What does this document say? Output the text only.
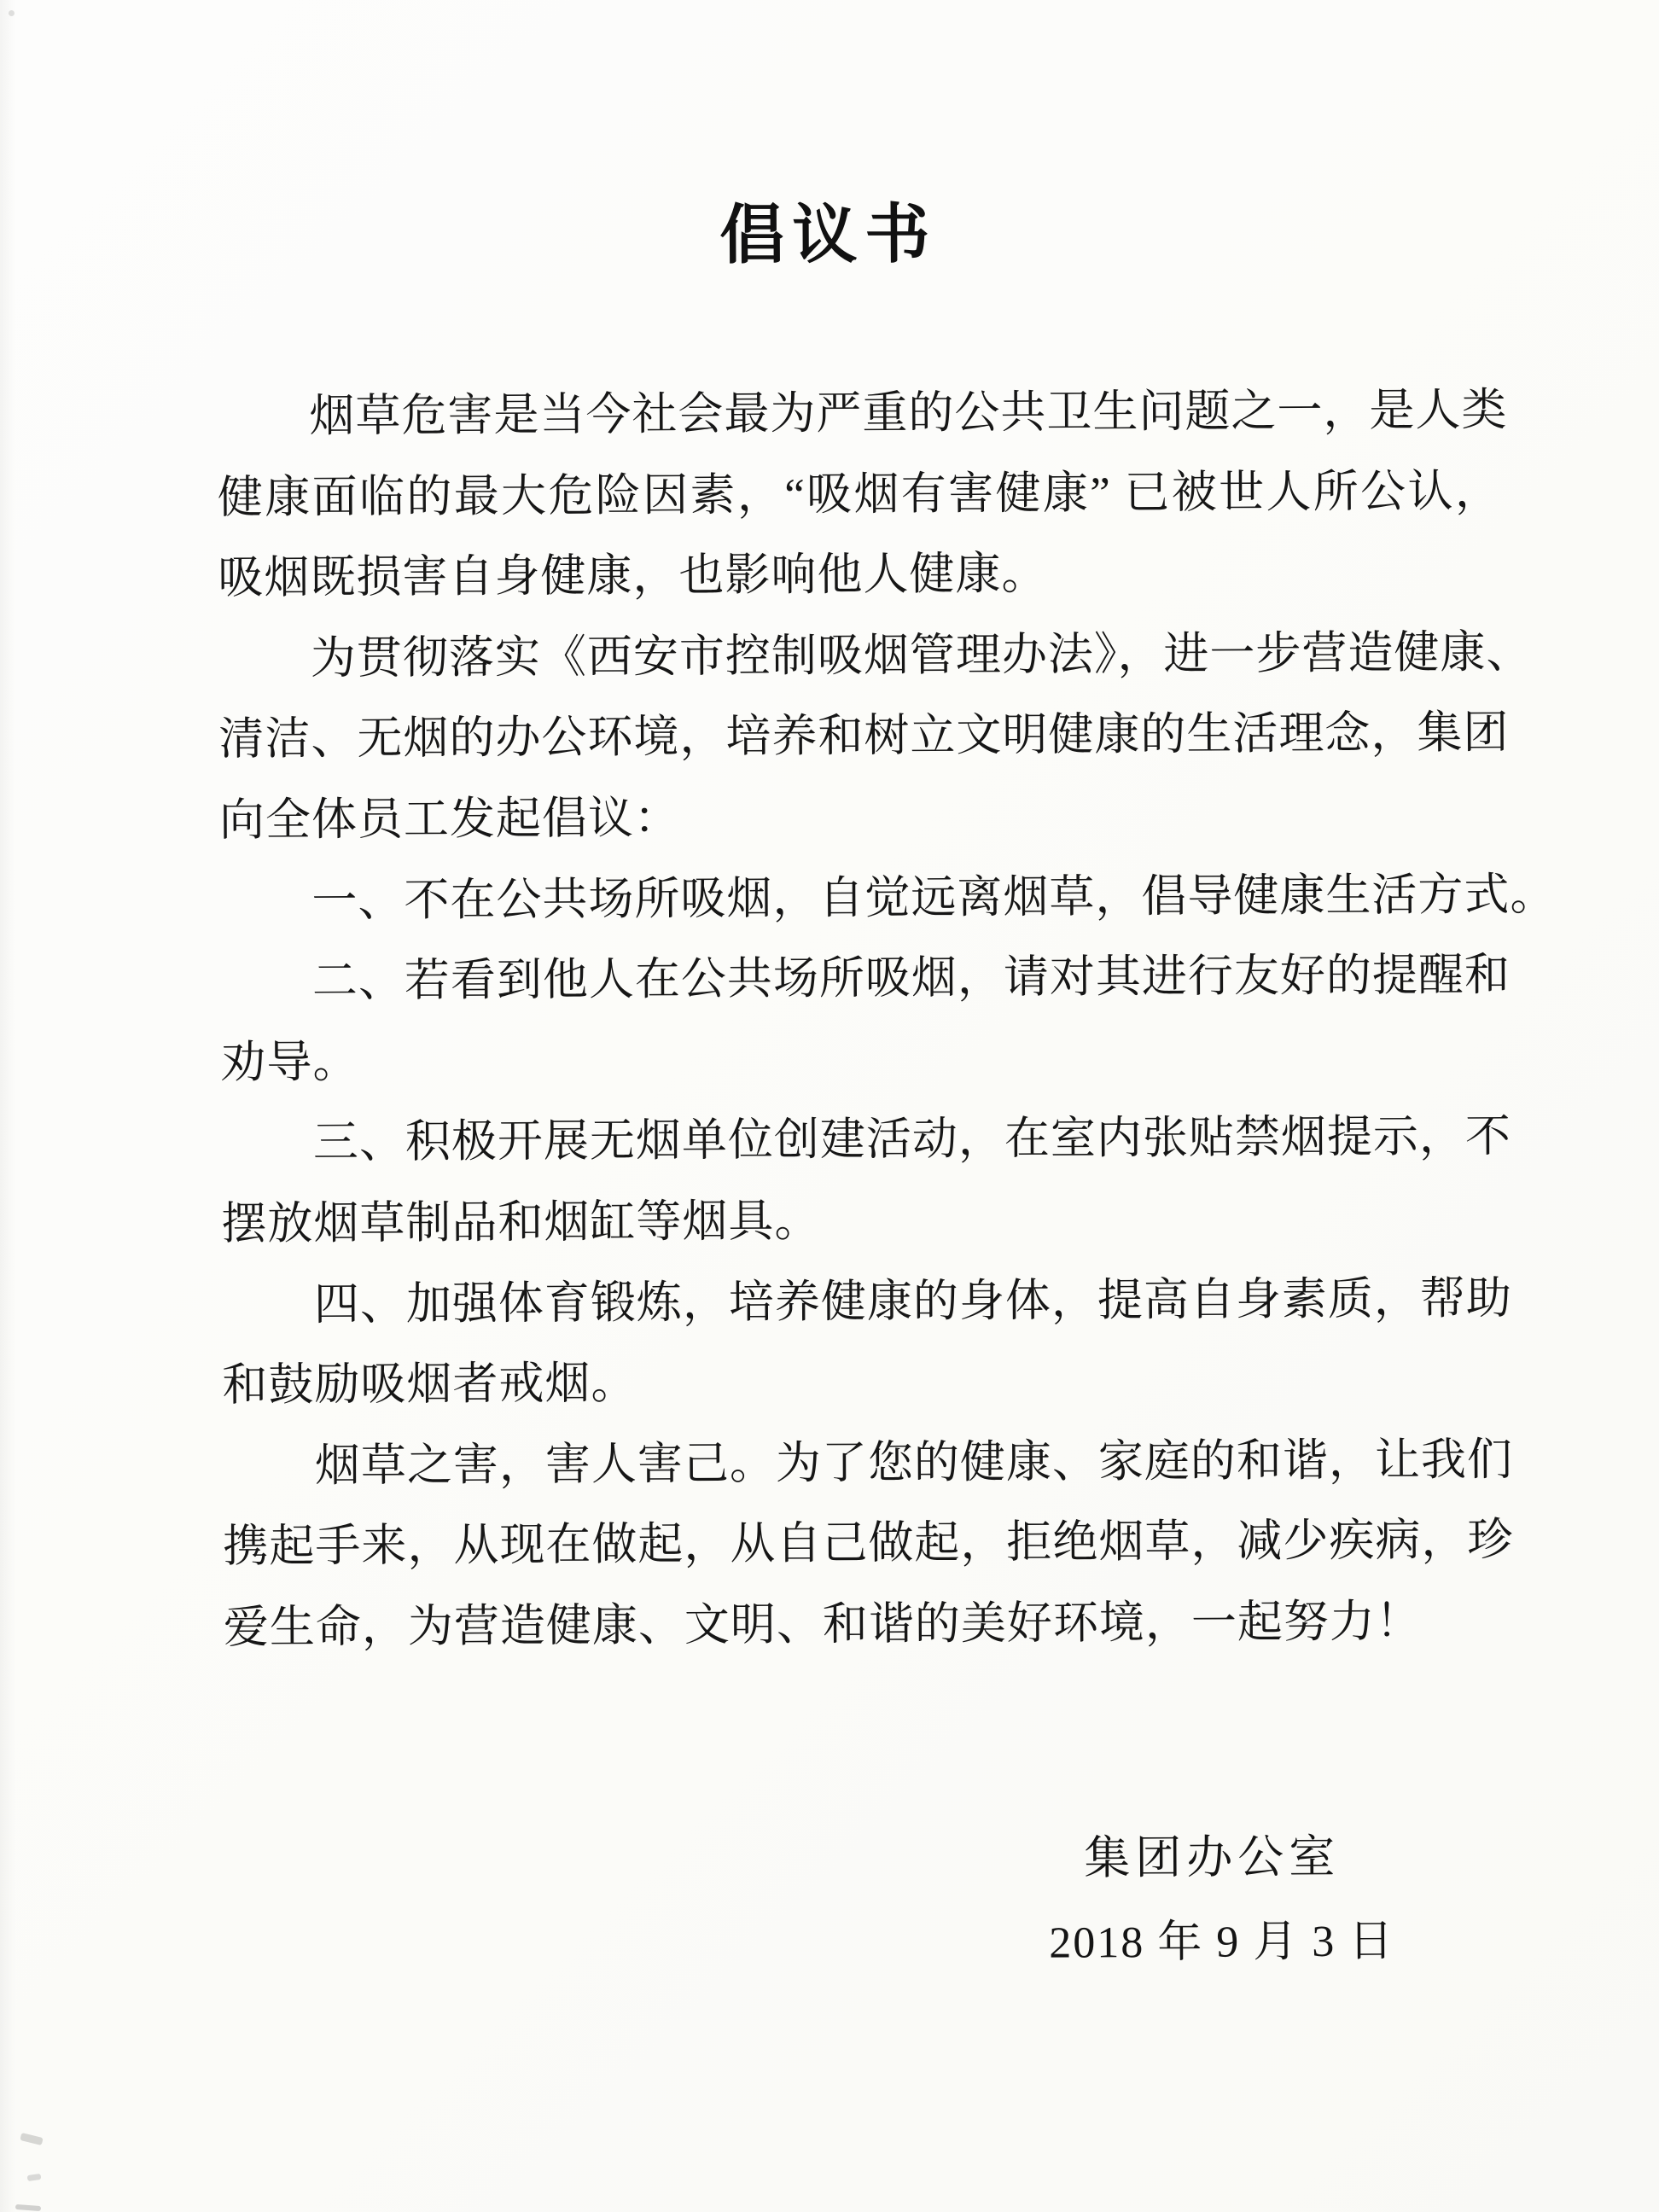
倡 议 书
烟草危害是当今社会最为严重的公共卫生问题之一，是人类
健康面临的最大危险因素，“吸烟有害健康” 已被世人所公认，
吸烟既损害自身健康，也影响他人健康。
为贯彻落实《西安市控制吸烟管理办法》，进一步营造健康、
清洁、无烟的办公环境，培养和树立文明健康的生活理念，集团
向全体员工发起倡议：
一、不在公共场所吸烟，自觉远离烟草，倡导健康生活方式。
二、若看到他人在公共场所吸烟，请对其进行友好的提醒和
劝导。
三、积极开展无烟单位创建活动，在室内张贴禁烟提示，不
摆放烟草制品和烟缸等烟具。
四、加强体育锻炼，培养健康的身体，提高自身素质，帮助
和鼓励吸烟者戒烟。
烟草之害，害人害己。为了您的健康、家庭的和谐，让我们
携起手来，从现在做起，从自己做起，拒绝烟草，减少疾病，珍
爱生命，为营造健康、文明、和谐的美好环境，一起努力！
集团办公室
2018 年 9 月 3 日
